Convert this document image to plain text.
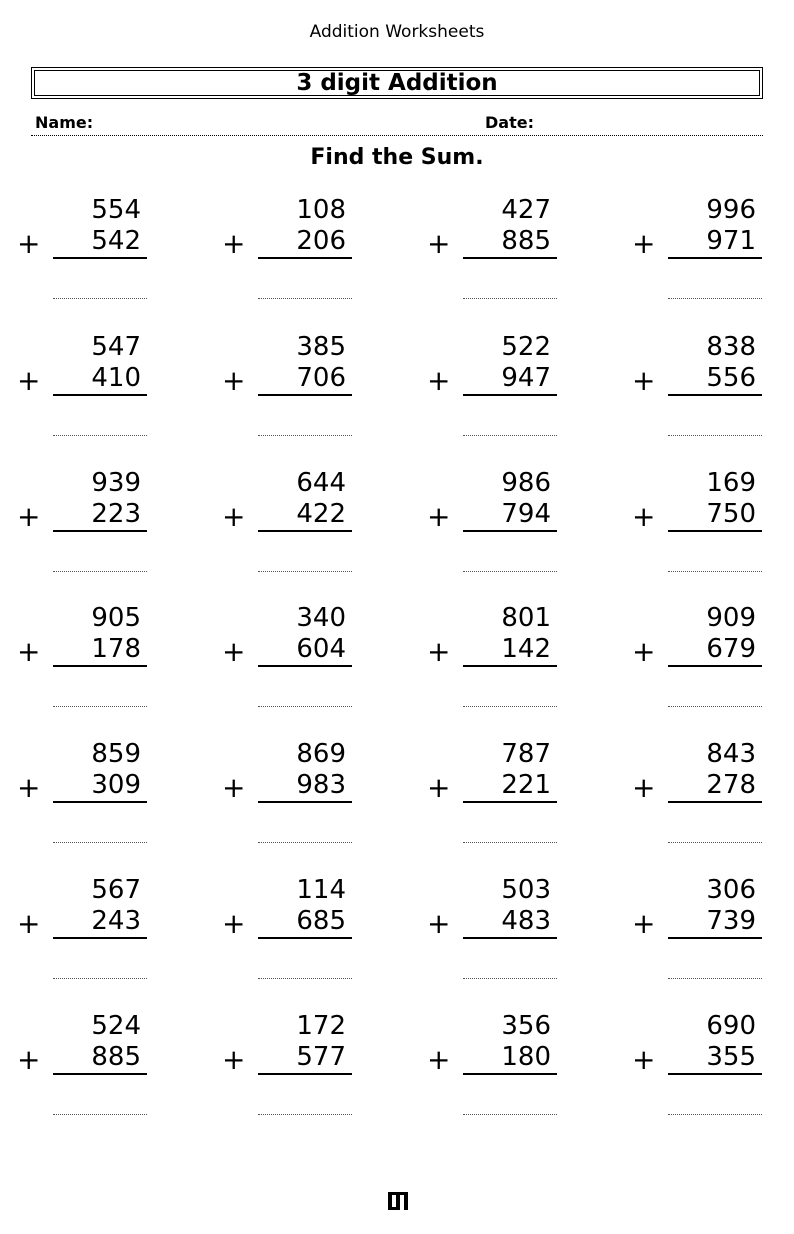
Addition Worksheets
3 digit Addition
Name:	Date:
Find the Sum.
554
+	542
108
+	206
427
+	885
996
+	971
547
+	410
385
+	706
522
+	947
838
+	556
939
+	223
644
+	422
986
+	794
169
+	750
905
+	178
340
+	604
801
+	142
909
+	679
859
+	309
869
+	983
787
+	221
843
+	278
567
+	243
114
+	685
503
+	483
306
+	739
524
+	885
172
+	577
356
+	180
690
+	355
